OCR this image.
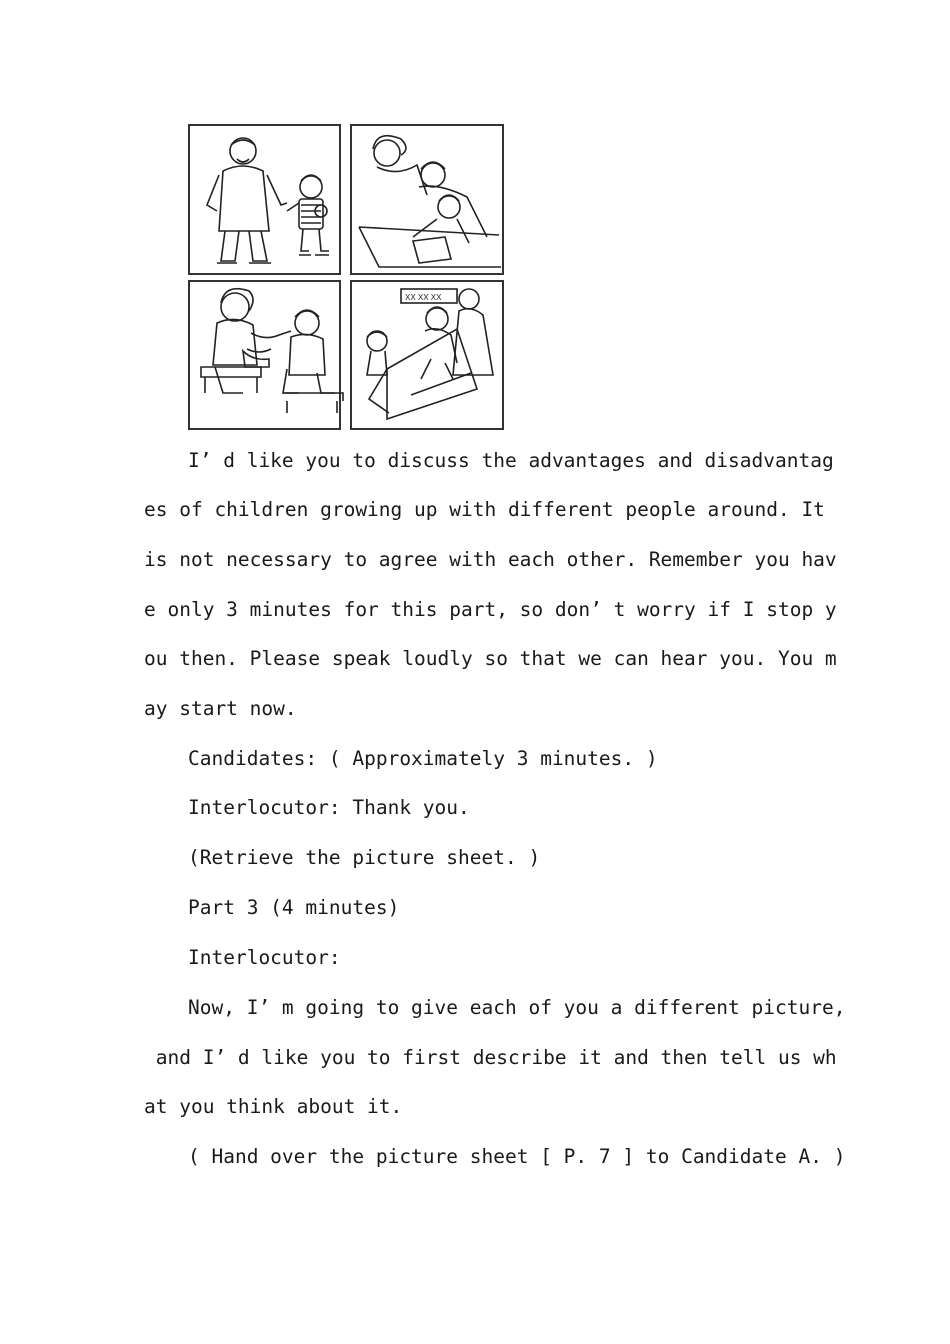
XX XX XX
I’ d like you to discuss the advantages and disadvantag
es of children growing up with different people around. It
is not necessary to agree with each other. Remember you hav
e only 3 minutes for this part, so don’ t worry if I stop y
ou then. Please speak loudly so that we can hear you. You m
ay start now.
Candidates: ( Approximately 3 minutes. )
Interlocutor: Thank you.
(Retrieve the picture sheet. )
Part 3 (4 minutes)
Interlocutor:
Now, I’ m going to give each of you a different picture,
and I’ d like you to first describe it and then tell us wh
at you think about it.
( Hand over the picture sheet [ P. 7 ] to Candidate A. )
